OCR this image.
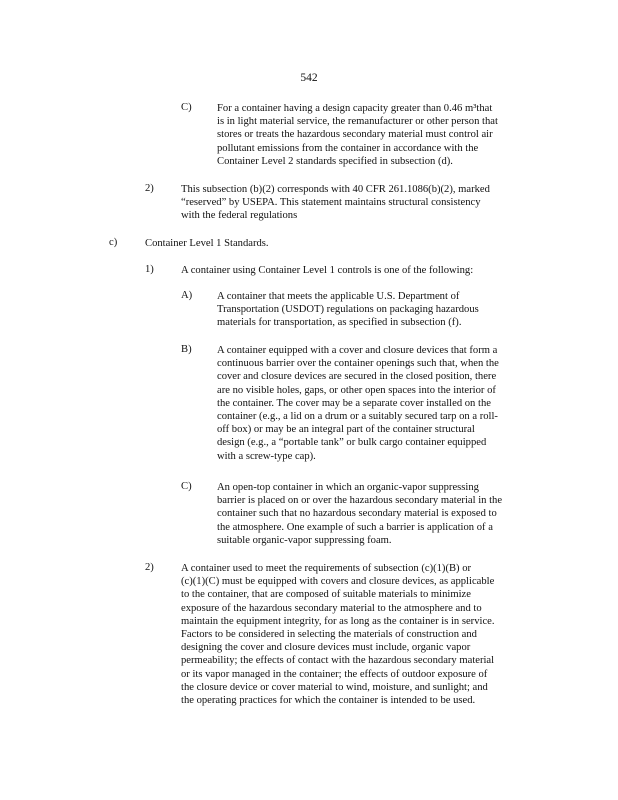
542
C) For a container having a design capacity greater than 0.46 m³that

is in light material service, the remanufacturer or other person that

stores or treats the hazardous secondary material must control air

pollutant emissions from the container in accordance with the

Container Level 2 standards specified in subsection (d).

2)	This subsection (b)(2) corresponds with 40 CFR 261.1086(b)(2), marked

“reserved” by USEPA. This statement maintains structural consistency

with the federal regulations

c)	Container Level 1 Standards.
1)	A container using Container Level 1 controls is one of the following:
A) A container that meets the applicable U.S. Department of

Transportation (USDOT) regulations on packaging hazardous

materials for transportation, as specified in subsection (f).

B) A container equipped with a cover and closure devices that form a

continuous barrier over the container openings such that, when the

cover and closure devices are secured in the closed position, there

are no visible holes, gaps, or other open spaces into the interior of

the container. The cover may be a separate cover installed on the

container (e.g., a lid on a drum or a suitably secured tarp on a roll-

off box) or may be an integral part of the container structural

design (e.g., a “portable tank” or bulk cargo container equipped

with a screw-type cap).

C) An open-top container in which an organic-vapor suppressing

barrier is placed on or over the hazardous secondary material in the

container such that no hazardous secondary material is exposed to

the atmosphere. One example of such a barrier is application of a

suitable organic-vapor suppressing foam.

2)	A container used to meet the requirements of subsection (c)(1)(B) or

(c)(1)(C) must be equipped with covers and closure devices, as applicable

to the container, that are composed of suitable materials to minimize

exposure of the hazardous secondary material to the atmosphere and to

maintain the equipment integrity, for as long as the container is in service.

Factors to be considered in selecting the materials of construction and

designing the cover and closure devices must include, organic vapor

permeability; the effects of contact with the hazardous secondary material

or its vapor managed in the container; the effects of outdoor exposure of

the closure device or cover material to wind, moisture, and sunlight; and

the operating practices for which the container is intended to be used.
